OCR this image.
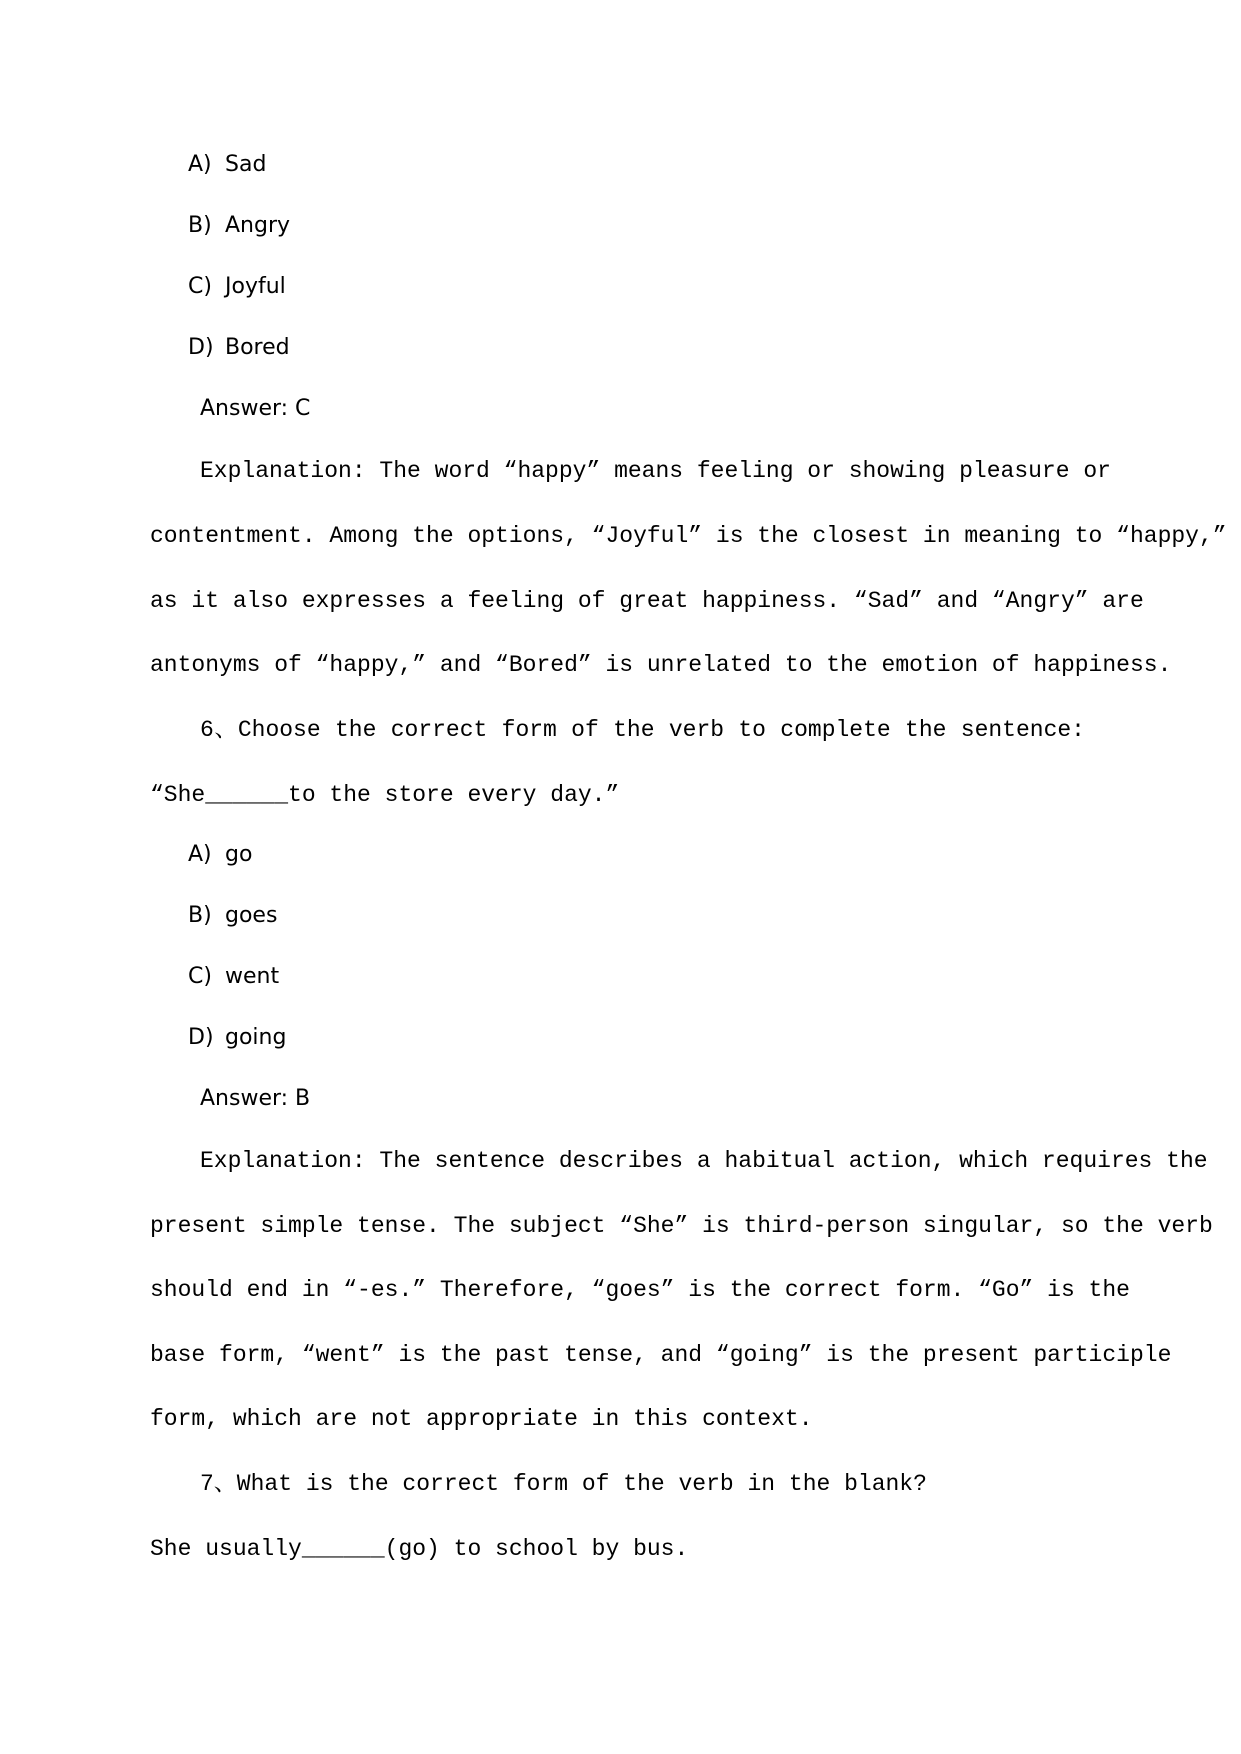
A) Sad
B) Angry
C) Joyful
D) Bored
Answer: C
Explanation: The word “happy” means feeling or showing pleasure or
contentment. Among the options, “Joyful” is the closest in meaning to “happy,”
as it also expresses a feeling of great happiness. “Sad” and “Angry” are
antonyms of “happy,” and “Bored” is unrelated to the emotion of happiness.
6、Choose the correct form of the verb to complete the sentence:
“She______to the store every day.”
A) go
B) goes
C) went
D) going
Answer: B
Explanation: The sentence describes a habitual action, which requires the
present simple tense. The subject “She” is third-person singular, so the verb
should end in “-es.” Therefore, “goes” is the correct form. “Go” is the
base form, “went” is the past tense, and “going” is the present participle
form, which are not appropriate in this context.
7、What is the correct form of the verb in the blank?
She usually______(go) to school by bus.
